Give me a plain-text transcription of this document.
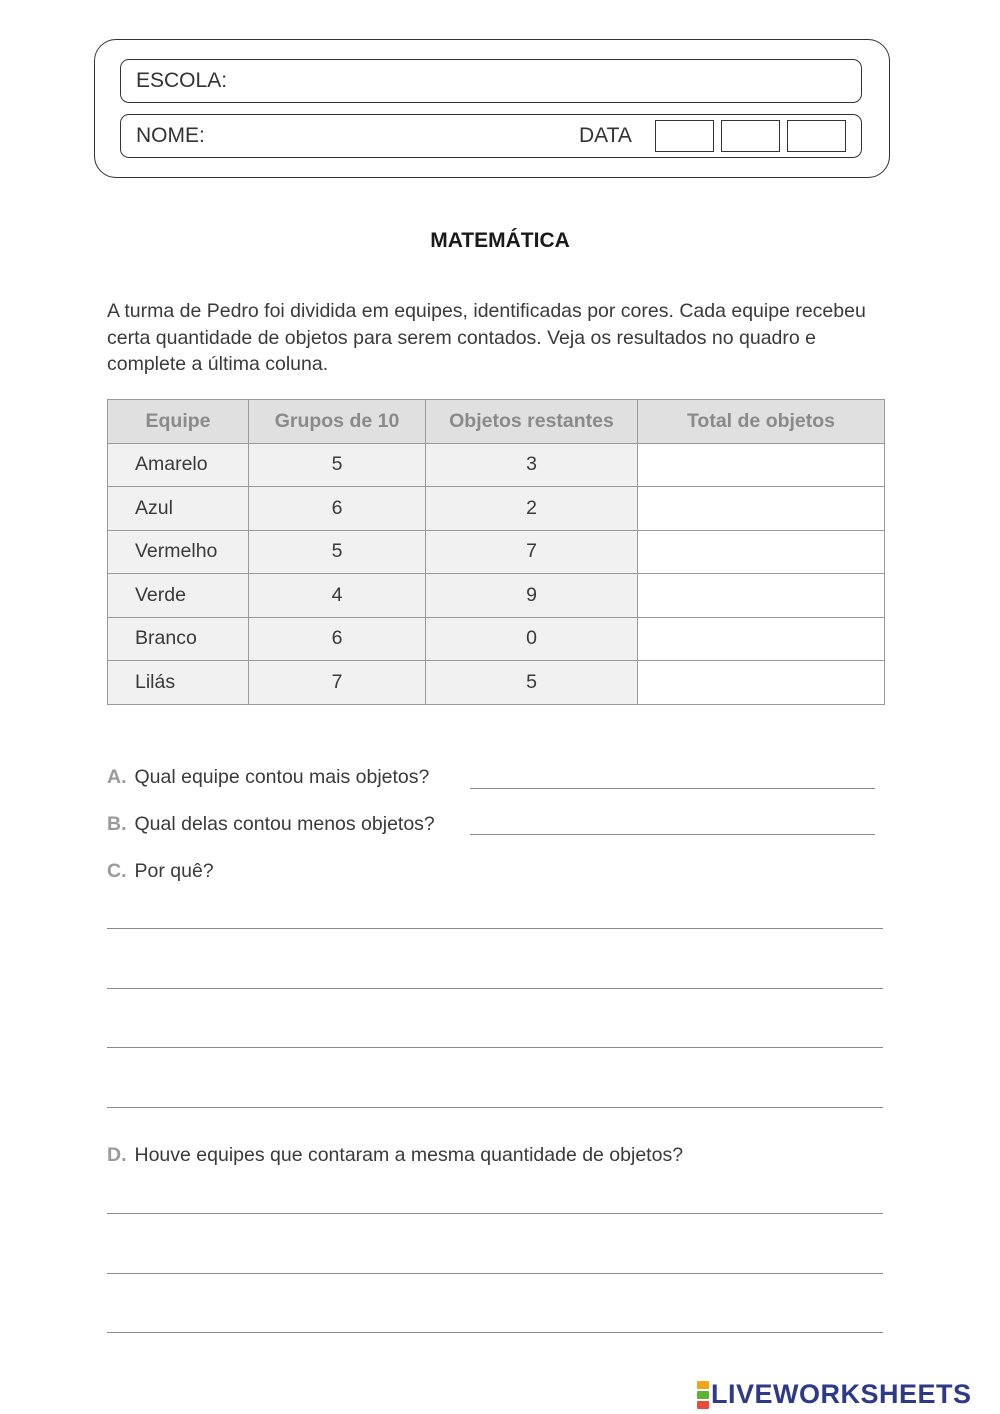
ESCOLA:
NOME:	DATA
MATEMÁTICA
A turma de Pedro foi dividida em equipes, identificadas por cores. Cada equipe recebeu certa quantidade de objetos para serem contados. Veja os resultados no quadro e complete a última coluna.
Equipe	Grupos de 10	Objetos restantes	Total de objetos
Amarelo	5	3	
Azul	6	2	
Vermelho	5	7	
Verde	4	9	
Branco	6	0	
Lilás	7	5	
A. Qual equipe contou mais objetos?
B. Qual delas contou menos objetos?
C. Por quê?
D. Houve equipes que contaram a mesma quantidade de objetos?
LIVEWORKSHEETS
